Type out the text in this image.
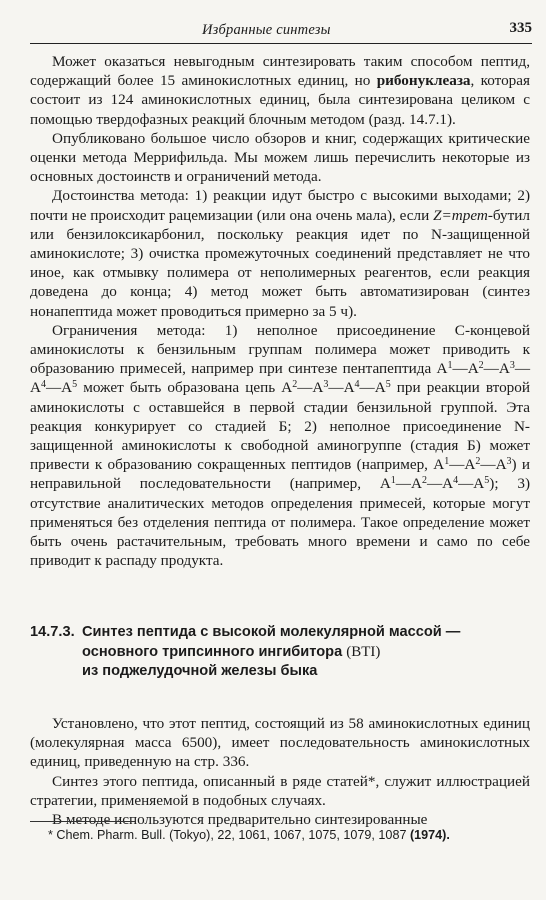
Избранные синтезы	335

Может оказаться невыгодным синтезировать таким способом пептид, содержащий более 15 аминокислотных единиц, но рибонуклеаза, которая состоит из 124 аминокислотных единиц, была синтезирована целиком с помощью твердофазных реакций блочным методом (разд. 14.7.1).

Опубликовано большое число обзоров и книг, содержащих критические оценки метода Меррифильда. Мы можем лишь перечислить некоторые из основных достоинств и ограничений метода.

Достоинства метода: 1) реакции идут быстро с высокими выходами; 2) почти не происходит рацемизации (или она очень мала), если Z=трет-бутил или бензилоксикарбонил, поскольку реакция идет по N-защищенной аминокислоте; 3) очистка промежуточных соединений представляет не что иное, как отмывку полимера от неполимерных реагентов, если реакция доведена до конца; 4) метод может быть автоматизирован (синтез нонапептида может проводиться примерно за 5 ч).

Ограничения метода: 1) неполное присоединение С-концевой аминокислоты к бензильным группам полимера может приводить к образованию примесей, например при синтезе пентапептида $A^1—A^2—A^3—A^4—A^5$ может быть образована цепь $A^2—A^3—A^4—A^5$ при реакции второй аминокислоты с оставшейся в первой стадии бензильной группой. Эта реакция конкурирует со стадией Б; 2) неполное присоединение N-защищенной аминокислоты к свободной аминогруппе (стадия Б) может привести к образованию сокращенных пептидов (например, $A^1—A^2—A^3$) и неправильной последовательности (например, $A^1—A^2—A^4—A^5$); 3) отсутствие аналитических методов определения примесей, которые могут применяться без отделения пептида от полимера. Такое определение может быть очень растачительным, требовать много времени и само по себе приводит к распаду продукта.

14.7.3. Синтез пептида с высокой молекулярной массой —
основного трипсинного ингибитора (BTI)
из поджелудочной железы быка

Установлено, что этот пептид, состоящий из 58 аминокислотных единиц (молекулярная масса 6500), имеет последовательность аминокислотных единиц, приведенную на стр. 336.

Синтез этого пептида, описанный в ряде статей*, служит иллюстрацией стратегии, применяемой в подобных случаях.

В методе используются предварительно синтезированные

* Chem. Pharm. Bull. (Tokyo), 22, 1061, 1067, 1075, 1079, 1087 (1974).
